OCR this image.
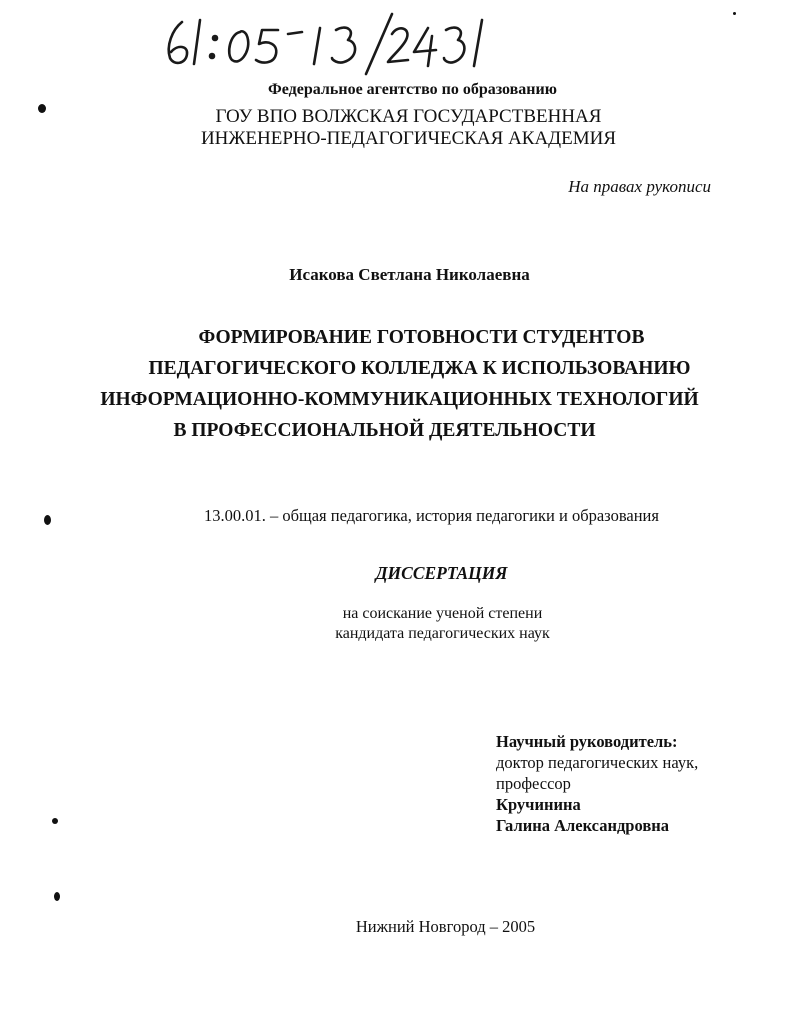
Федеральное агентство по образованию
ГОУ ВПО ВОЛЖСКАЯ ГОСУДАРСТВЕННАЯ
ИНЖЕНЕРНО-ПЕДАГОГИЧЕСКАЯ АКАДЕМИЯ
На правах рукописи
Исакова Светлана Николаевна
ФОРМИРОВАНИЕ ГОТОВНОСТИ СТУДЕНТОВ
ПЕДАГОГИЧЕСКОГО КОЛЛЕДЖА К ИСПОЛЬЗОВАНИЮ
ИНФОРМАЦИОННО-КОММУНИКАЦИОННЫХ ТЕХНОЛОГИЙ
В ПРОФЕССИОНАЛЬНОЙ ДЕЯТЕЛЬНОСТИ
13.00.01. – общая педагогика, история педагогики и образования
ДИССЕРТАЦИЯ
на соискание ученой степени
кандидата педагогических наук
Научный руководитель:
доктор педагогических наук,
профессор
Кручинина
Галина Александровна
Нижний Новгород – 2005
